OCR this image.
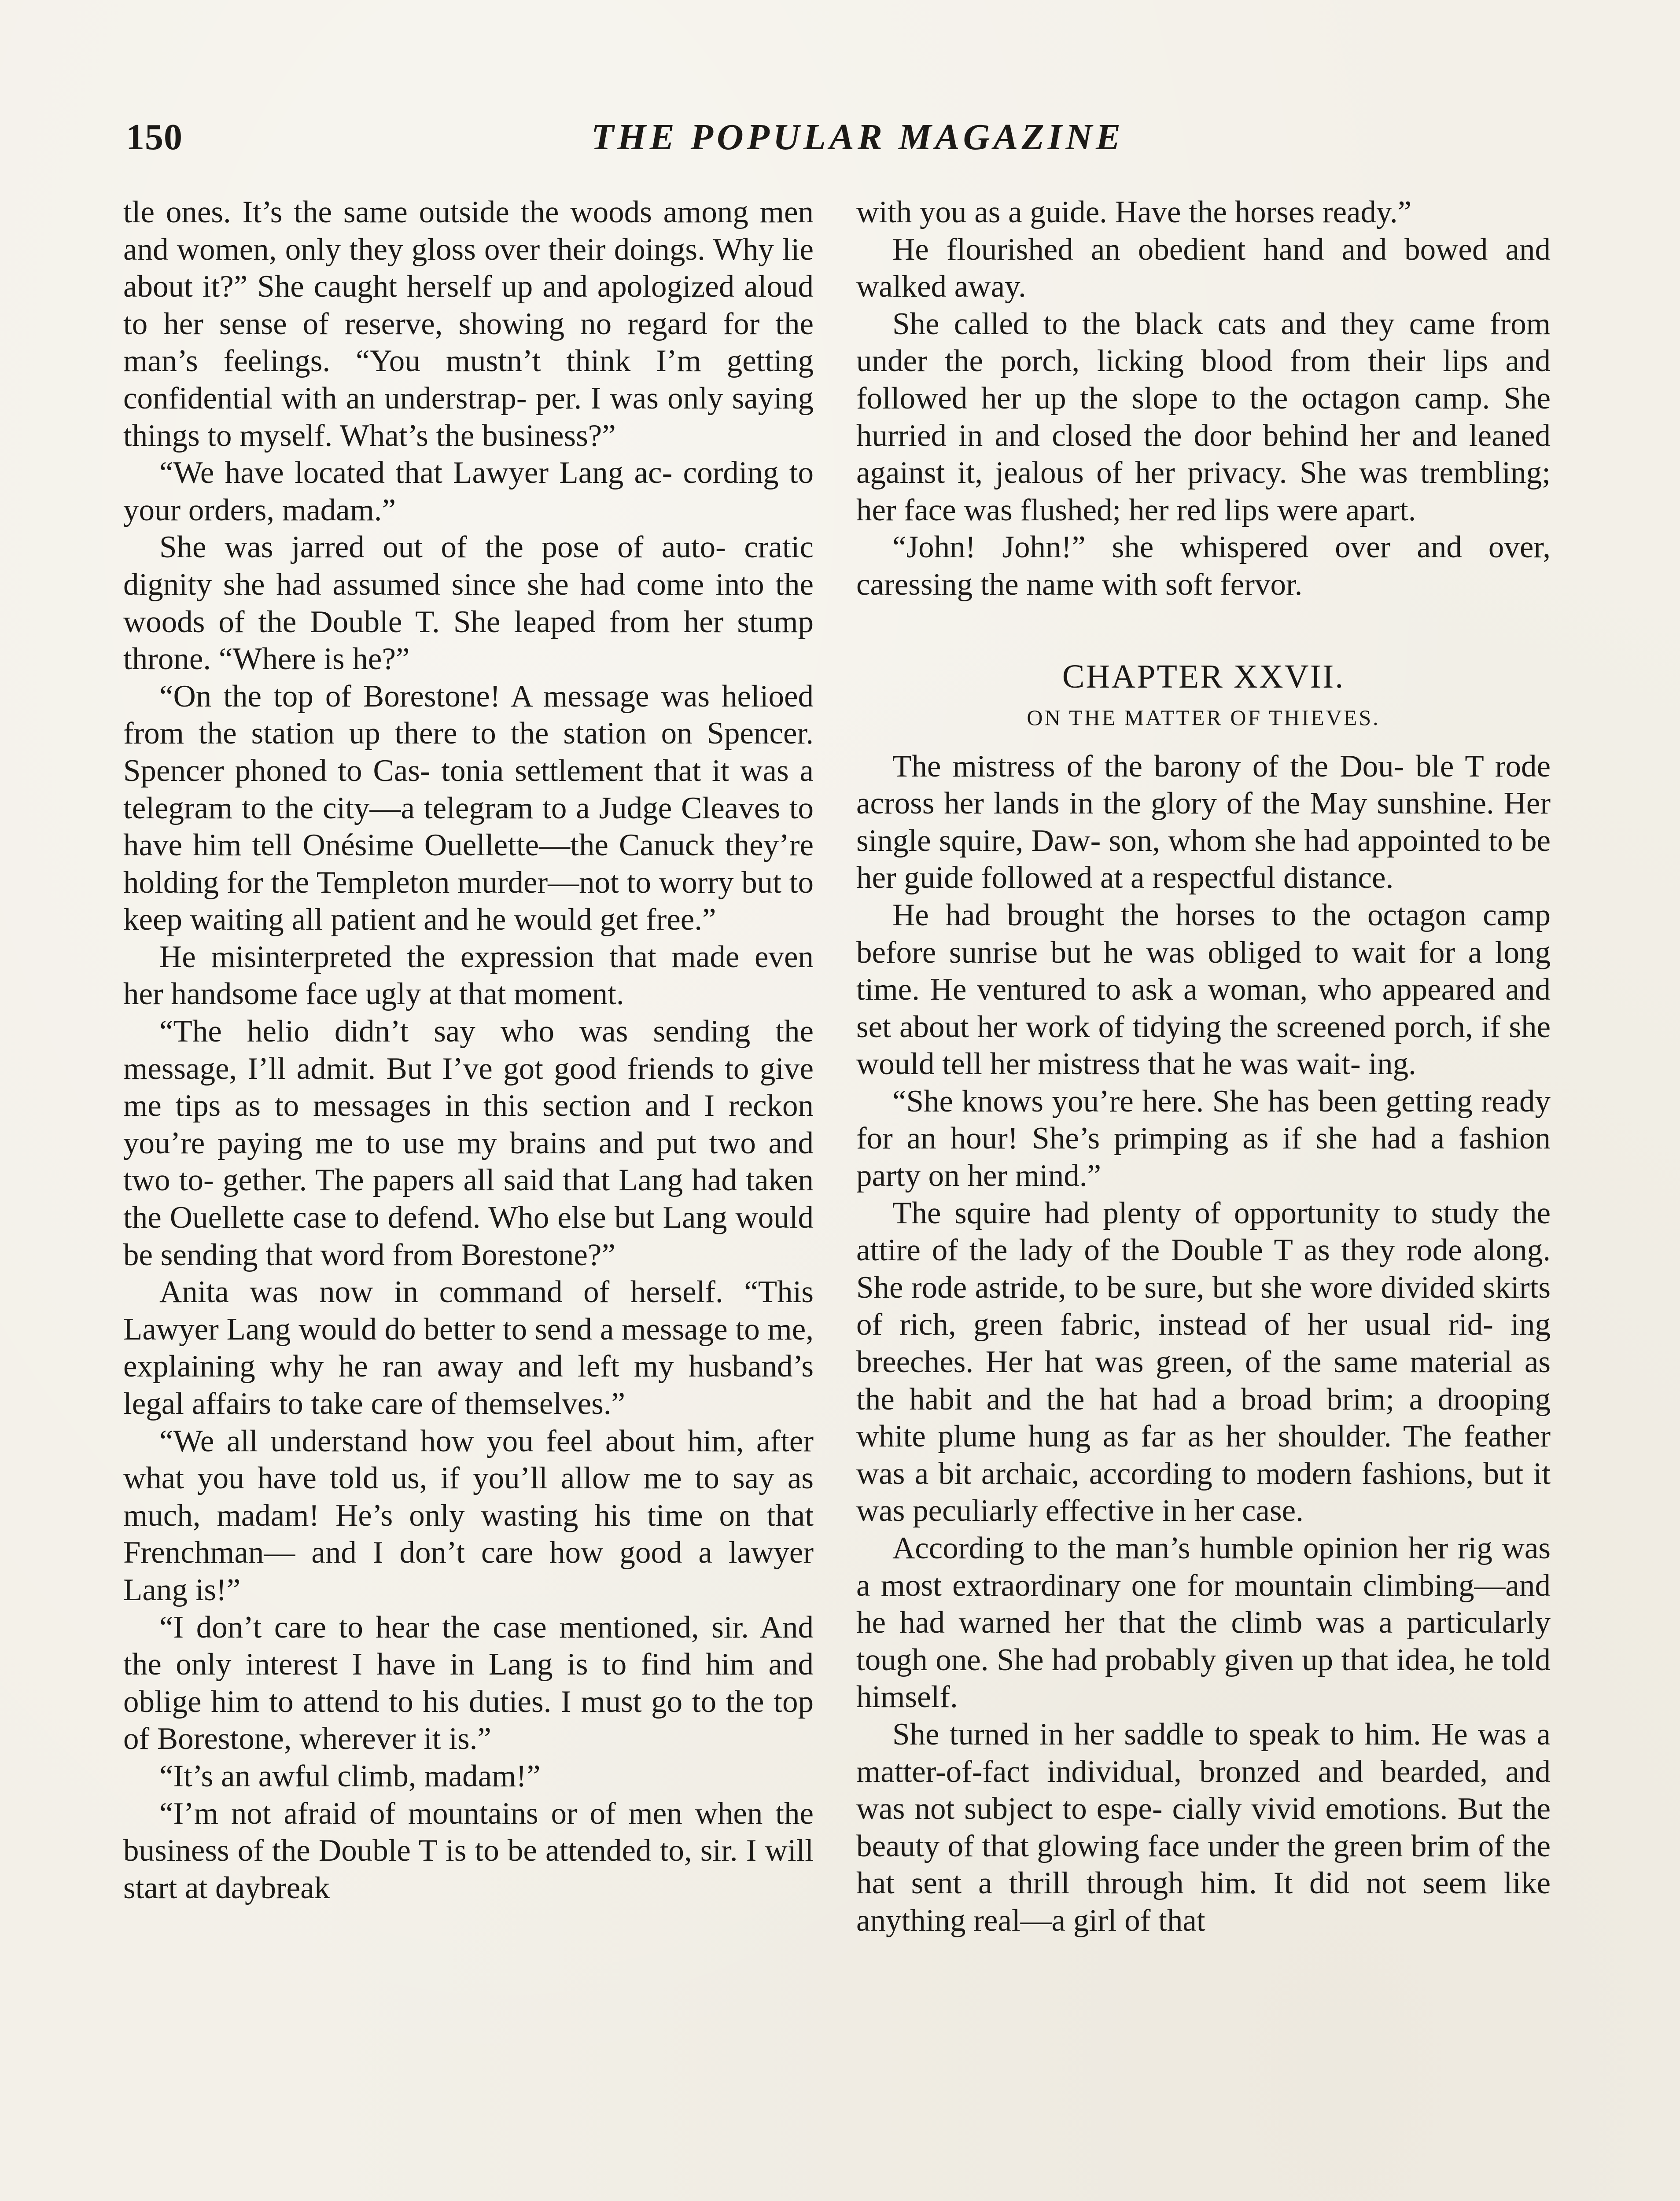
150	THE POPULAR MAGAZINE

tle ones. It’s the same outside the woods among men and women, only they gloss over their doings. Why lie about it?” She caught herself up and apologized aloud to her sense of reserve, showing no regard for the man’s feelings. “You mustn’t think I’m getting confidential with an understrap- per. I was only saying things to myself. What’s the business?”

“We have located that Lawyer Lang ac- cording to your orders, madam.”

She was jarred out of the pose of auto- cratic dignity she had assumed since she had come into the woods of the Double T. She leaped from her stump throne. “Where is he?”

“On the top of Borestone! A message was helioed from the station up there to the station on Spencer. Spencer phoned to Cas- tonia settlement that it was a telegram to the city—a telegram to a Judge Cleaves to have him tell Onésime Ouellette—the Canuck they’re holding for the Templeton murder—not to worry but to keep waiting all patient and he would get free.”

He misinterpreted the expression that made even her handsome face ugly at that moment.

“The helio didn’t say who was sending the message, I’ll admit. But I’ve got good friends to give me tips as to messages in this section and I reckon you’re paying me to use my brains and put two and two to- gether. The papers all said that Lang had taken the Ouellette case to defend. Who else but Lang would be sending that word from Borestone?”

Anita was now in command of herself. “This Lawyer Lang would do better to send a message to me, explaining why he ran away and left my husband’s legal affairs to take care of themselves.”

“We all understand how you feel about him, after what you have told us, if you’ll allow me to say as much, madam! He’s only wasting his time on that Frenchman— and I don’t care how good a lawyer Lang is!”

“I don’t care to hear the case mentioned, sir. And the only interest I have in Lang is to find him and oblige him to attend to his duties. I must go to the top of Borestone, wherever it is.”

“It’s an awful climb, madam!”

“I’m not afraid of mountains or of men when the business of the Double T is to be attended to, sir. I will start at daybreak

with you as a guide. Have the horses ready.”

He flourished an obedient hand and bowed and walked away.

She called to the black cats and they came from under the porch, licking blood from their lips and followed her up the slope to the octagon camp. She hurried in and closed the door behind her and leaned against it, jealous of her privacy. She was trembling; her face was flushed; her red lips were apart.

“John! John!” she whispered over and over, caressing the name with soft fervor.

CHAPTER XXVII.
ON THE MATTER OF THIEVES.

The mistress of the barony of the Dou- ble T rode across her lands in the glory of the May sunshine. Her single squire, Daw- son, whom she had appointed to be her guide followed at a respectful distance.

He had brought the horses to the octagon camp before sunrise but he was obliged to wait for a long time. He ventured to ask a woman, who appeared and set about her work of tidying the screened porch, if she would tell her mistress that he was wait- ing.

“She knows you’re here. She has been getting ready for an hour! She’s primping as if she had a fashion party on her mind.”

The squire had plenty of opportunity to study the attire of the lady of the Double T as they rode along. She rode astride, to be sure, but she wore divided skirts of rich, green fabric, instead of her usual rid- ing breeches. Her hat was green, of the same material as the habit and the hat had a broad brim; a drooping white plume hung as far as her shoulder. The feather was a bit archaic, according to modern fashions, but it was peculiarly effective in her case.

According to the man’s humble opinion her rig was a most extraordinary one for mountain climbing—and he had warned her that the climb was a particularly tough one. She had probably given up that idea, he told himself.

She turned in her saddle to speak to him. He was a matter-of-fact individual, bronzed and bearded, and was not subject to espe- cially vivid emotions. But the beauty of that glowing face under the green brim of the hat sent a thrill through him. It did not seem like anything real—a girl of that
